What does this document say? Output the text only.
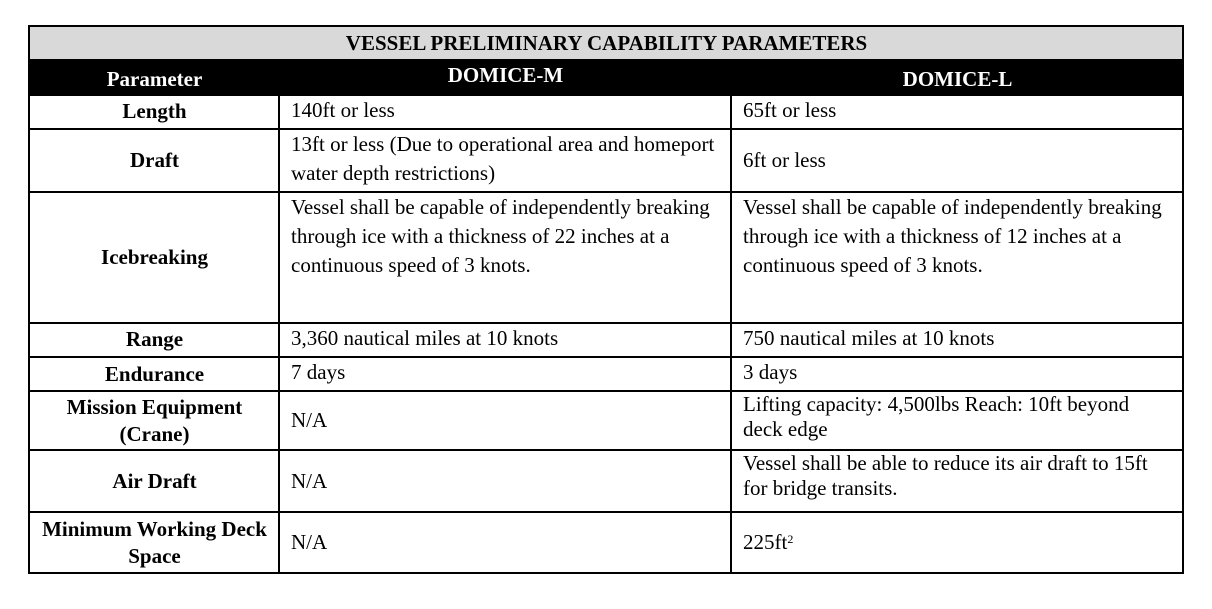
VESSEL PRELIMINARY CAPABILITY PARAMETERS		
Parameter	DOMICE-M	DOMICE-L
Length	140ft or less	65ft or less
Draft	13ft or less (Due to operational area and homeport water depth restrictions)	6ft or less
Icebreaking	Vessel shall be capable of independently breaking through ice with a thickness of 22 inches at a continuous speed of 3 knots.	Vessel shall be capable of independently breaking through ice with a thickness of 12 inches at a continuous speed of 3 knots.
Range	3,360 nautical miles at 10 knots	750 nautical miles at 10 knots
Endurance	7 days	3 days
Mission Equipment (Crane)	N/A	Lifting capacity: 4,500lbs Reach: 10ft beyond deck edge
Air Draft	N/A	Vessel shall be able to reduce its air draft to 15ft for bridge transits.
Minimum Working Deck Space	N/A	$225ft^2$
